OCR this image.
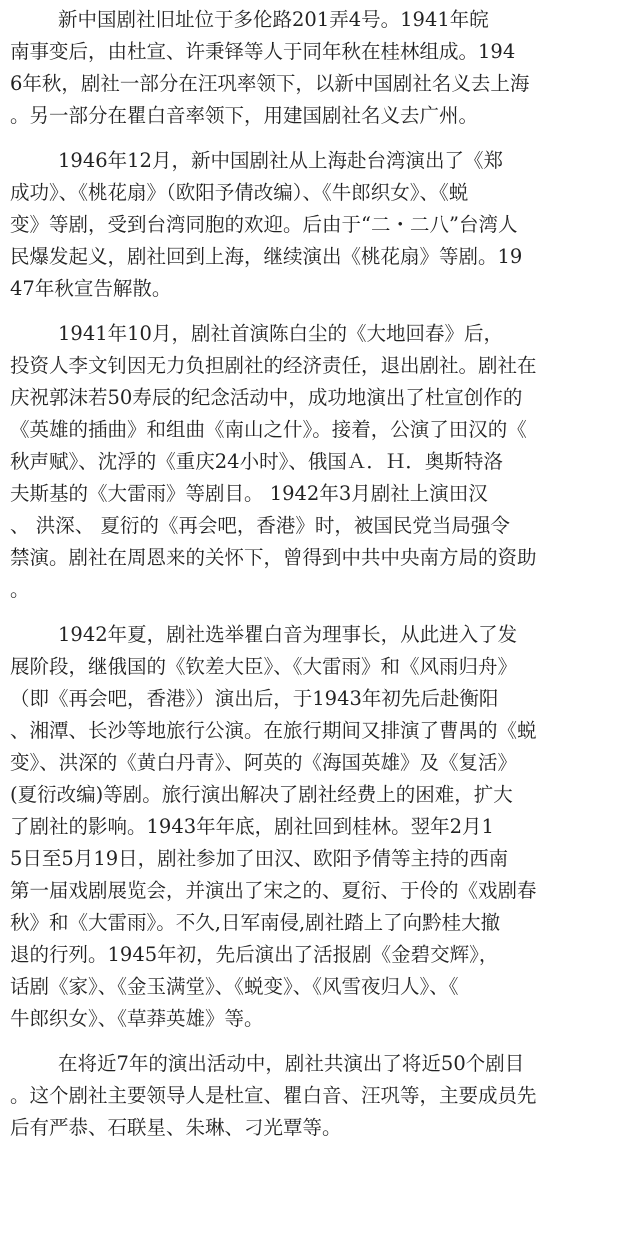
新中国剧社旧址位于多伦路201弄4号。1941年皖
南事变后，由杜宣、许秉铎等人于同年秋在桂林组成。194
6年秋，剧社一部分在汪巩率领下，以新中国剧社名义去上海
。另一部分在瞿白音率领下，用建国剧社名义去广州。
1946年12月，新中国剧社从上海赴台湾演出了《郑
成功》、《桃花扇》（欧阳予倩改编）、《牛郎织女》、《蜕
变》等剧，受到台湾同胞的欢迎。后由于“二・二八”台湾人
民爆发起义，剧社回到上海，继续演出《桃花扇》等剧。19
47年秋宣告解散。
1941年10月，剧社首演陈白尘的《大地回春》后，
投资人李文钊因无力负担剧社的经济责任，退出剧社。剧社在
庆祝郭沫若50寿辰的纪念活动中，成功地演出了杜宣创作的
《英雄的插曲》和组曲《南山之什》。接着，公演了田汉的《
秋声赋》、沈浮的《重庆24小时》、俄国Ａ．Ｈ．奥斯特洛
夫斯基的《大雷雨》等剧目。 1942年3月剧社上演田汉
、 洪深、 夏衍的《再会吧，香港》时，被国民党当局强令
禁演。剧社在周恩来的关怀下，曾得到中共中央南方局的资助
。
1942年夏，剧社选举瞿白音为理事长，从此进入了发
展阶段，继俄国的《钦差大臣》、《大雷雨》和《风雨归舟》
（即《再会吧，香港》）演出后，于1943年初先后赴衡阳
、湘潭、长沙等地旅行公演。在旅行期间又排演了曹禺的《蜕
变》、洪深的《黄白丹青》、阿英的《海国英雄》及《复活》
(夏衍改编)等剧。旅行演出解决了剧社经费上的困难，扩大
了剧社的影响。1943年年底，剧社回到桂林。翌年2月1
5日至5月19日，剧社参加了田汉、欧阳予倩等主持的西南
第一届戏剧展览会，并演出了宋之的、夏衍、于伶的《戏剧春
秋》和《大雷雨》。不久,日军南侵,剧社踏上了向黔桂大撤
退的行列。1945年初，先后演出了活报剧《金碧交辉》，
话剧《家》、《金玉满堂》、《蜕变》、《风雪夜归人》、《
牛郎织女》、《草莽英雄》等。
在将近7年的演出活动中，剧社共演出了将近50个剧目
。这个剧社主要领导人是杜宣、瞿白音、汪巩等，主要成员先
后有严恭、石联星、朱琳、刁光覃等。
